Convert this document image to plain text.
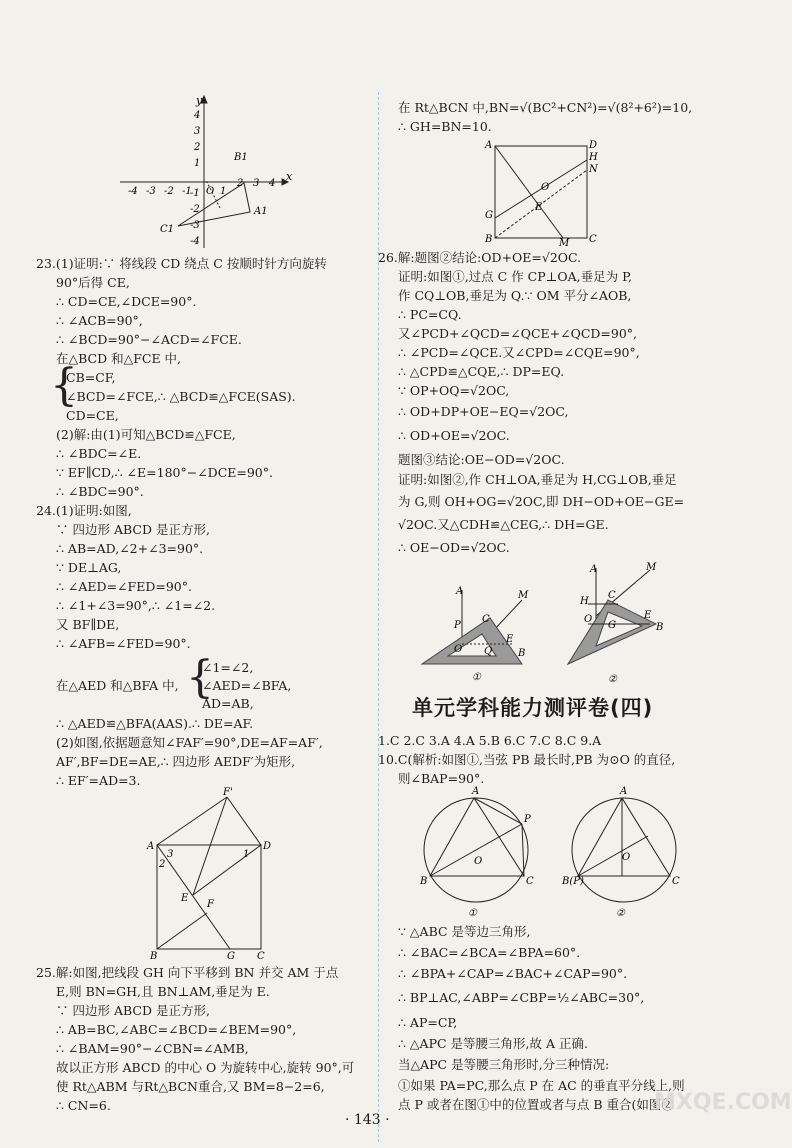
y
x
4
3
2
1
-1
-2
-3
-4
-4 -3 -2 -1 O 1
2 3 4
B1
A1
C1
F'
A	D
3
2
1
E
F
B	G C
A	D
H
N
O
E
G
B	M C
A	M
C
P
O Q
E
B
①
A	M
H
C
O
G
E
B
②
A
P
O
B	C
①
A
O
B(P)	C
②
23.(1)证明:∵ 将线段 CD 绕点 C 按顺时针方向旋转
90°后得 CE,
∴ CD=CE,∠DCE=90°.
∴ ∠ACB=90°,
∴ ∠BCD=90°−∠ACD=∠FCE.
在△BCD 和△FCE 中,
{
CB=CF,
∠BCD=∠FCE,∴ △BCD≌△FCE(SAS).
CD=CE,
(2)解:由(1)可知△BCD≌△FCE,
∴ ∠BDC=∠E.
∵ EF∥CD,∴ ∠E=180°−∠DCE=90°.
∴ ∠BDC=90°.
24.(1)证明:如图,
∵ 四边形 ABCD 是正方形,
∴ AB=AD,∠2+∠3=90°.
∵ DE⊥AG,
∴ ∠AED=∠FED=90°.
∴ ∠1+∠3=90°,∴ ∠1=∠2.
又 BF∥DE,
∴ ∠AFB=∠FED=90°.
{
∠1=∠2,
在△AED 和△BFA 中, ∠AED=∠BFA,
AD=AB,
∴ △AED≌△BFA(AAS).∴ DE=AF.
(2)如图,依据题意知∠FAF′=90°,DE=AF=AF′,
AF′,BF=DE=AE,∴ 四边形 AEDF′为矩形,
∴ EF′=AD=3.
25.解:如图,把线段 GH 向下平移到 BN 并交 AM 于点
E,则 BN=GH,且 BN⊥AM,垂足为 E.
∵ 四边形 ABCD 是正方形,
∴ AB=BC,∠ABC=∠BCD=∠BEM=90°,
∴ ∠BAM=90°−∠CBN=∠AMB,
故以正方形 ABCD 的中心 O 为旋转中心,旋转 90°,可
使 Rt△ABM 与Rt△BCN重合,又 BM=8−2=6,
∴ CN=6.
在 Rt△BCN 中,BN=√(BC²+CN²)=√(8²+6²)=10,
∴ GH=BN=10.
26.解:题图②结论:OD+OE=√2OC.
证明:如图①,过点 C 作 CP⊥OA,垂足为 P,
作 CQ⊥OB,垂足为 Q.∵ OM 平分∠AOB,
∴ PC=CQ.
又∠PCD+∠QCD=∠QCE+∠QCD=90°,
∴ ∠PCD=∠QCE.又∠CPD=∠CQE=90°,
∴ △CPD≌△CQE,∴ DP=EQ.
∵ OP+OQ=√2OC,
∴ OD+DP+OE−EQ=√2OC,
∴ OD+OE=√2OC.
题图③结论:OE−OD=√2OC.
证明:如图②,作 CH⊥OA,垂足为 H,CG⊥OB,垂足
为 G,则 OH+OG=√2OC,即 DH−OD+OE−GE=
√2OC.又△CDH≌△CEG,∴ DH=GE.
∴ OE−OD=√2OC.
单元学科能力测评卷(四)
1.C 2.C 3.A 4.A 5.B 6.C 7.C 8.C 9.A
10.C(解析:如图①,当弦 PB 最长时,PB 为⊙O 的直径,
则∠BAP=90°.
∵ △ABC 是等边三角形,
∴ ∠BAC=∠BCA=∠BPA=60°.
∴ ∠BPA+∠CAP=∠BAC+∠CAP=90°.
∴ BP⊥AC,∠ABP=∠CBP=½∠ABC=30°,
∴ AP=CP,
∴ △APC 是等腰三角形,故 A 正确.
当△APC 是等腰三角形时,分三种情况:
①如果 PA=PC,那么点 P 在 AC 的垂直平分线上,则
点 P 或者在图①中的位置或者与点 B 重合(如图②
· 143 ·
MXQE.COM
